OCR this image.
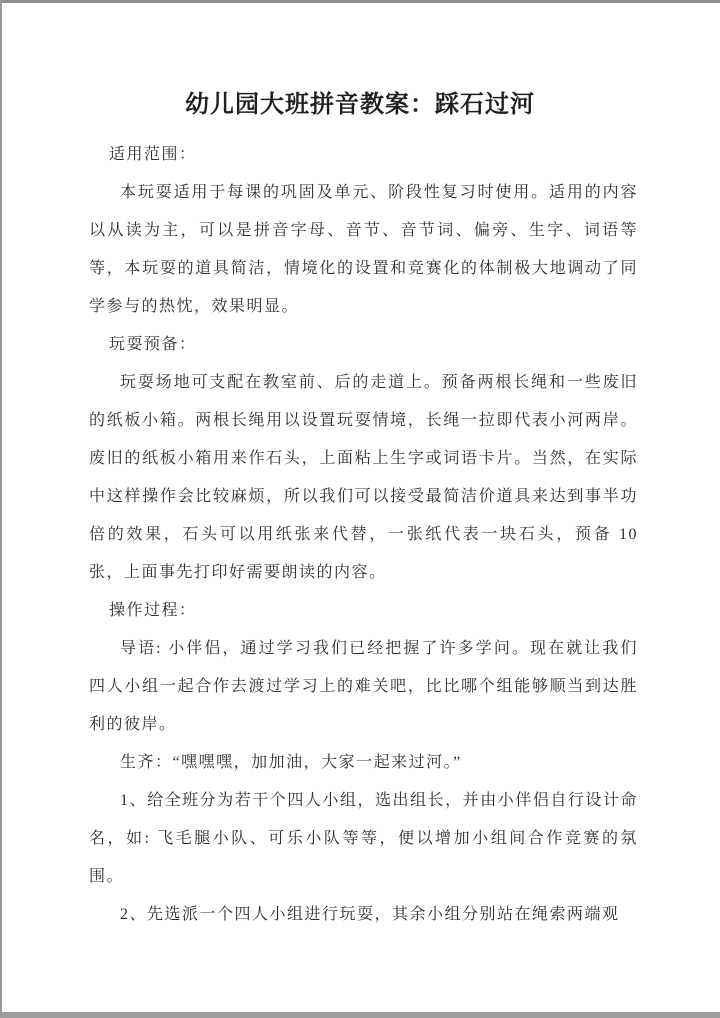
幼儿园大班拼音教案：踩石过河

适用范围：

本玩耍适用于每课的巩固及单元、阶段性复习时使用。适用的内容以从读为主，可以是拼音字母、音节、音节词、偏旁、生字、词语等等，本玩耍的道具简洁，情境化的设置和竞赛化的体制极大地调动了同学参与的热忱，效果明显。

玩耍预备：

玩耍场地可支配在教室前、后的走道上。预备两根长绳和一些废旧的纸板小箱。两根长绳用以设置玩耍情境，长绳一拉即代表小河两岸。废旧的纸板小箱用来作石头，上面粘上生字或词语卡片。当然，在实际中这样操作会比较麻烦，所以我们可以接受最简洁价道具来达到事半功倍的效果，石头可以用纸张来代替，一张纸代表一块石头，预备 10 张，上面事先打印好需要朗读的内容。

操作过程：

导语: 小伴侣，通过学习我们已经把握了许多学问。现在就让我们四人小组一起合作去渡过学习上的难关吧，比比哪个组能够顺当到达胜利的彼岸。

生齐：“嘿嘿嘿，加加油，大家一起来过河。”

1、给全班分为若干个四人小组，选出组长，并由小伴侣自行设计命名，如: 飞毛腿小队、可乐小队等等，便以增加小组间合作竞赛的氛围。

2、先选派一个四人小组进行玩耍，其余小组分别站在绳索两端观
